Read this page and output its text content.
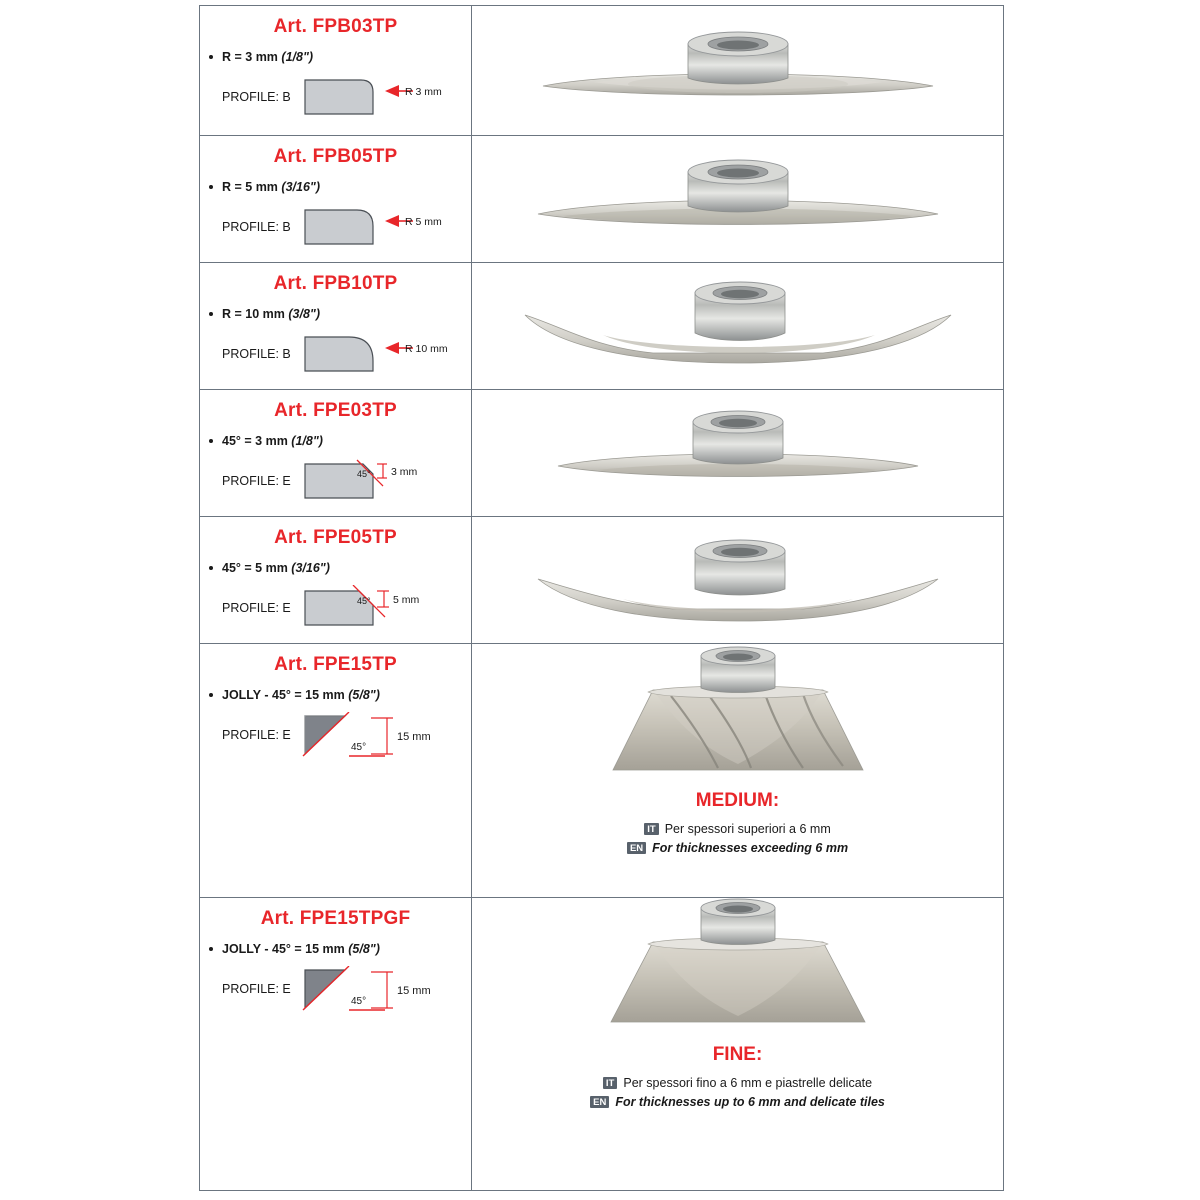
Art. FPB03TP
R = 3 mm (1/8")
PROFILE: B	R 3 mm
Art. FPB05TP
R = 5 mm (3/16")
PROFILE: B	R 5 mm
Art. FPB10TP
R = 10 mm (3/8")
PROFILE: B	R 10 mm
Art. FPE03TP
45° = 3 mm (1/8")
PROFILE: E	45° 3 mm
Art. FPE05TP
45° = 5 mm (3/16")
PROFILE: E	45° 5 mm
Art. FPE15TP
JOLLY - 45° = 15 mm (5/8")
PROFILE: E
45°
15 mm
MEDIUM:
IT Per spessori superiori a 6 mm
EN For thicknesses exceeding 6 mm
Art. FPE15TPGF
JOLLY - 45° = 15 mm (5/8")
PROFILE: E
45°
15 mm
FINE:
IT Per spessori fino a 6 mm e piastrelle delicate
EN For thicknesses up to 6 mm and delicate tiles
